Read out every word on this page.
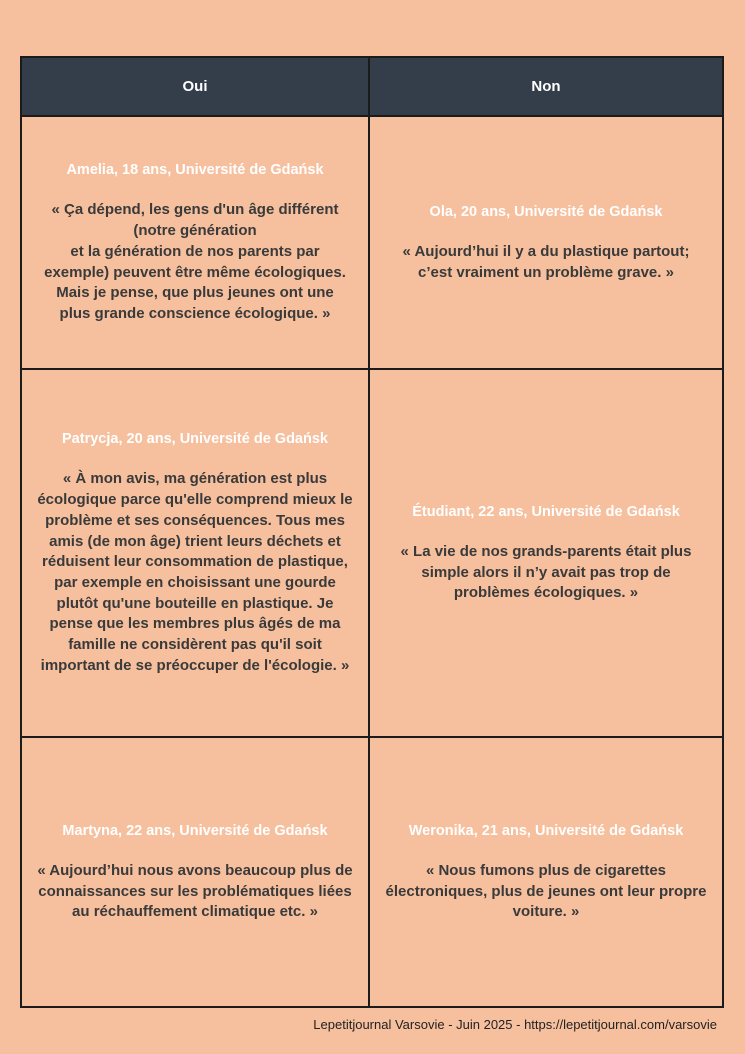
Oui	Non

Amelia, 18 ans, Université de Gdańsk

« Ça dépend, les gens d'un âge différent
(notre génération
et la génération de nos parents par
exemple) peuvent être même écologiques.
Mais je pense, que plus jeunes ont une
plus grande conscience écologique. »

Ola, 20 ans, Université de Gdańsk

« Aujourd’hui il y a du plastique partout;
c’est vraiment un problème grave. »

Patrycja, 20 ans, Université de Gdańsk

« À mon avis, ma génération est plus écologique parce qu'elle comprend mieux le problème et ses conséquences. Tous mes amis (de mon âge) trient leurs déchets et réduisent leur consommation de plastique, par exemple en choisissant une gourde plutôt qu'une bouteille en plastique. Je pense que les membres plus âgés de ma famille ne considèrent pas qu'il soit important de se préoccuper de l'écologie. »

Étudiant, 22 ans, Université de Gdańsk

« La vie de nos grands-parents était plus simple alors il n’y avait pas trop de problèmes écologiques. »

Martyna, 22 ans, Université de Gdańsk

« Aujourd’hui nous avons beaucoup plus de connaissances sur les problématiques liées au réchauffement climatique etc. »

Weronika, 21 ans, Université de Gdańsk

« Nous fumons plus de cigarettes électroniques, plus de jeunes ont leur propre voiture. »

Lepetitjournal Varsovie - Juin 2025 - https://lepetitjournal.com/varsovie
